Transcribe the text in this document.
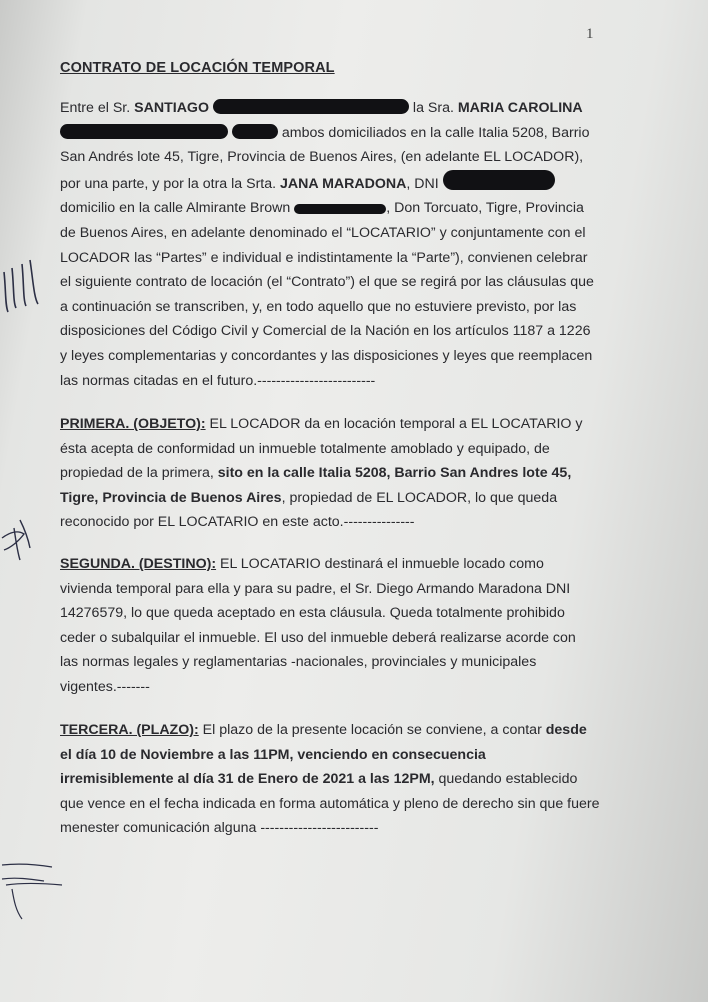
1
CONTRATO DE LOCACIÓN TEMPORAL
Entre el Sr. SANTIAGO	la Sra. MARIA CAROLINA
ambos domiciliados en la calle Italia 5208, Barrio
San Andrés lote 45, Tigre, Provincia de Buenos Aires, (en adelante EL LOCADOR),
por una parte, y por la otra la Srta. JANA MARADONA, DNI
domicilio en la calle Almirante Brown	, Don Torcuato, Tigre, Provincia
de Buenos Aires, en adelante denominado el “LOCATARIO” y conjuntamente con el
LOCADOR las “Partes” e individual e indistintamente la “Parte”), convienen celebrar
el siguiente contrato de locación (el “Contrato”) el que se regirá por las cláusulas que
a continuación se transcriben, y, en todo aquello que no estuviere previsto, por las
disposiciones del Código Civil y Comercial de la Nación en los artículos 1187 a 1226
y leyes complementarias y concordantes y las disposiciones y leyes que reemplacen
las normas citadas en el futuro.-------------------------
PRIMERA. (OBJETO): EL LOCADOR da en locación temporal a EL LOCATARIO y
ésta acepta de conformidad un inmueble totalmente amoblado y equipado, de
propiedad de la primera, sito en la calle Italia 5208, Barrio San Andres lote 45,
Tigre, Provincia de Buenos Aires, propiedad de EL LOCADOR, lo que queda
reconocido por EL LOCATARIO en este acto.---------------
SEGUNDA. (DESTINO): EL LOCATARIO destinará el inmueble locado como
vivienda temporal para ella y para su padre, el Sr. Diego Armando Maradona DNI
14276579, lo que queda aceptado en esta cláusula. Queda totalmente prohibido
ceder o subalquilar el inmueble. El uso del inmueble deberá realizarse acorde con
las normas legales y reglamentarias -nacionales, provinciales y municipales
vigentes.-------
TERCERA. (PLAZO): El plazo de la presente locación se conviene, a contar desde
el día 10 de Noviembre a las 11PM, venciendo en consecuencia
irremisiblemente al día 31 de Enero de 2021 a las 12PM, quedando establecido
que vence en el fecha indicada en forma automática y pleno de derecho sin que fuere
menester comunicación alguna -------------------------
